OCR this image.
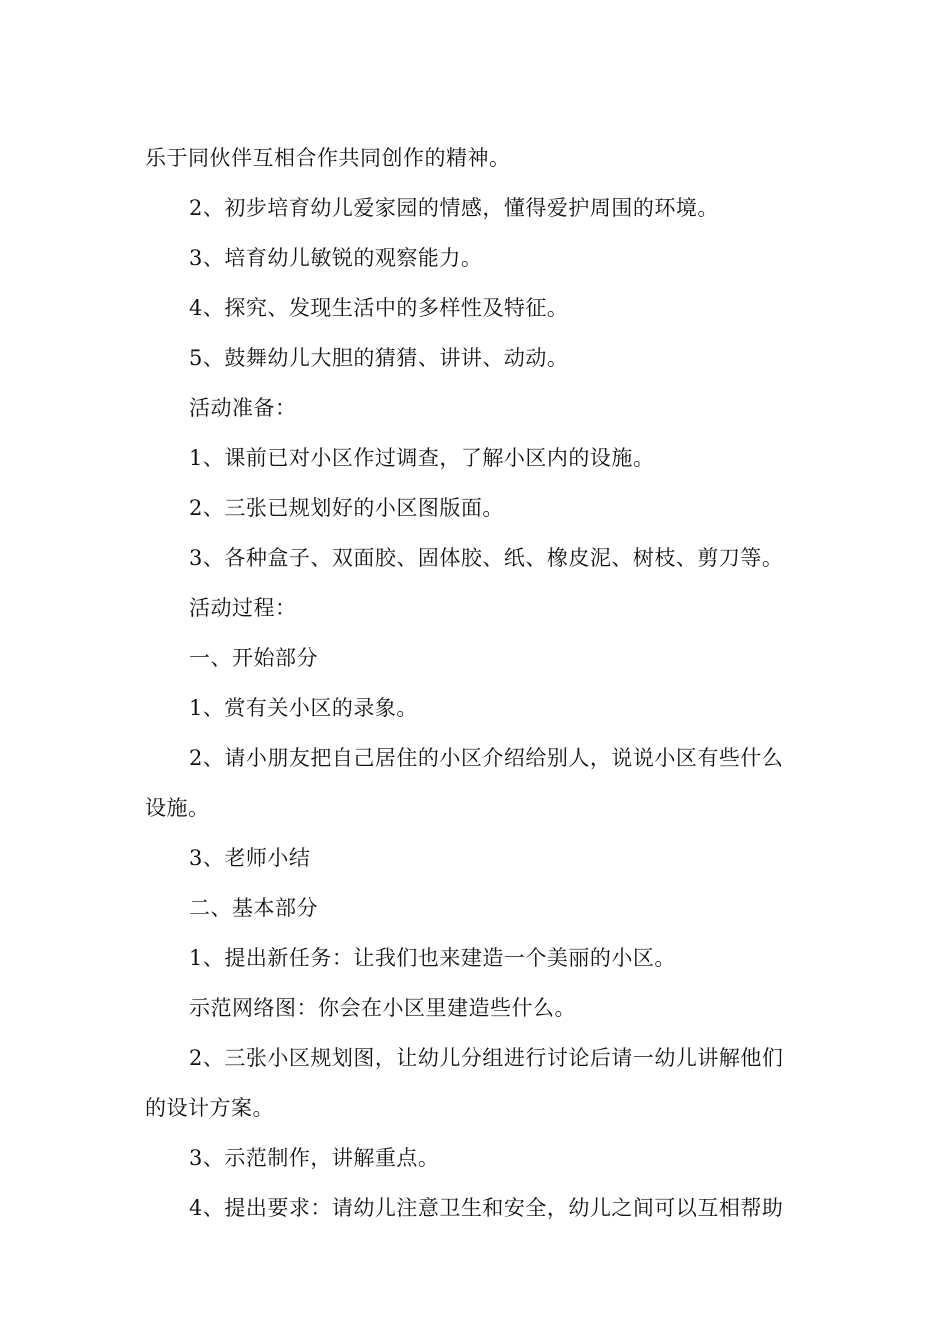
乐于同伙伴互相合作共同创作的精神。
2、初步培育幼儿爱家园的情感，懂得爱护周围的环境。
3、培育幼儿敏锐的观察能力。
4、探究、发现生活中的多样性及特征。
5、鼓舞幼儿大胆的猜猜、讲讲、动动。
活动准备：
1、课前已对小区作过调查，了解小区内的设施。
2、三张已规划好的小区图版面。
3、各种盒子、双面胶、固体胶、纸、橡皮泥、树枝、剪刀等。
活动过程：
一、开始部分
1、赏有关小区的录象。
2、请小朋友把自己居住的小区介绍给别人，说说小区有些什么
设施。
3、老师小结
二、基本部分
1、提出新任务：让我们也来建造一个美丽的小区。
示范网络图：你会在小区里建造些什么。
2、三张小区规划图，让幼儿分组进行讨论后请一幼儿讲解他们
的设计方案。
3、示范制作，讲解重点。
4、提出要求：请幼儿注意卫生和安全，幼儿之间可以互相帮助
